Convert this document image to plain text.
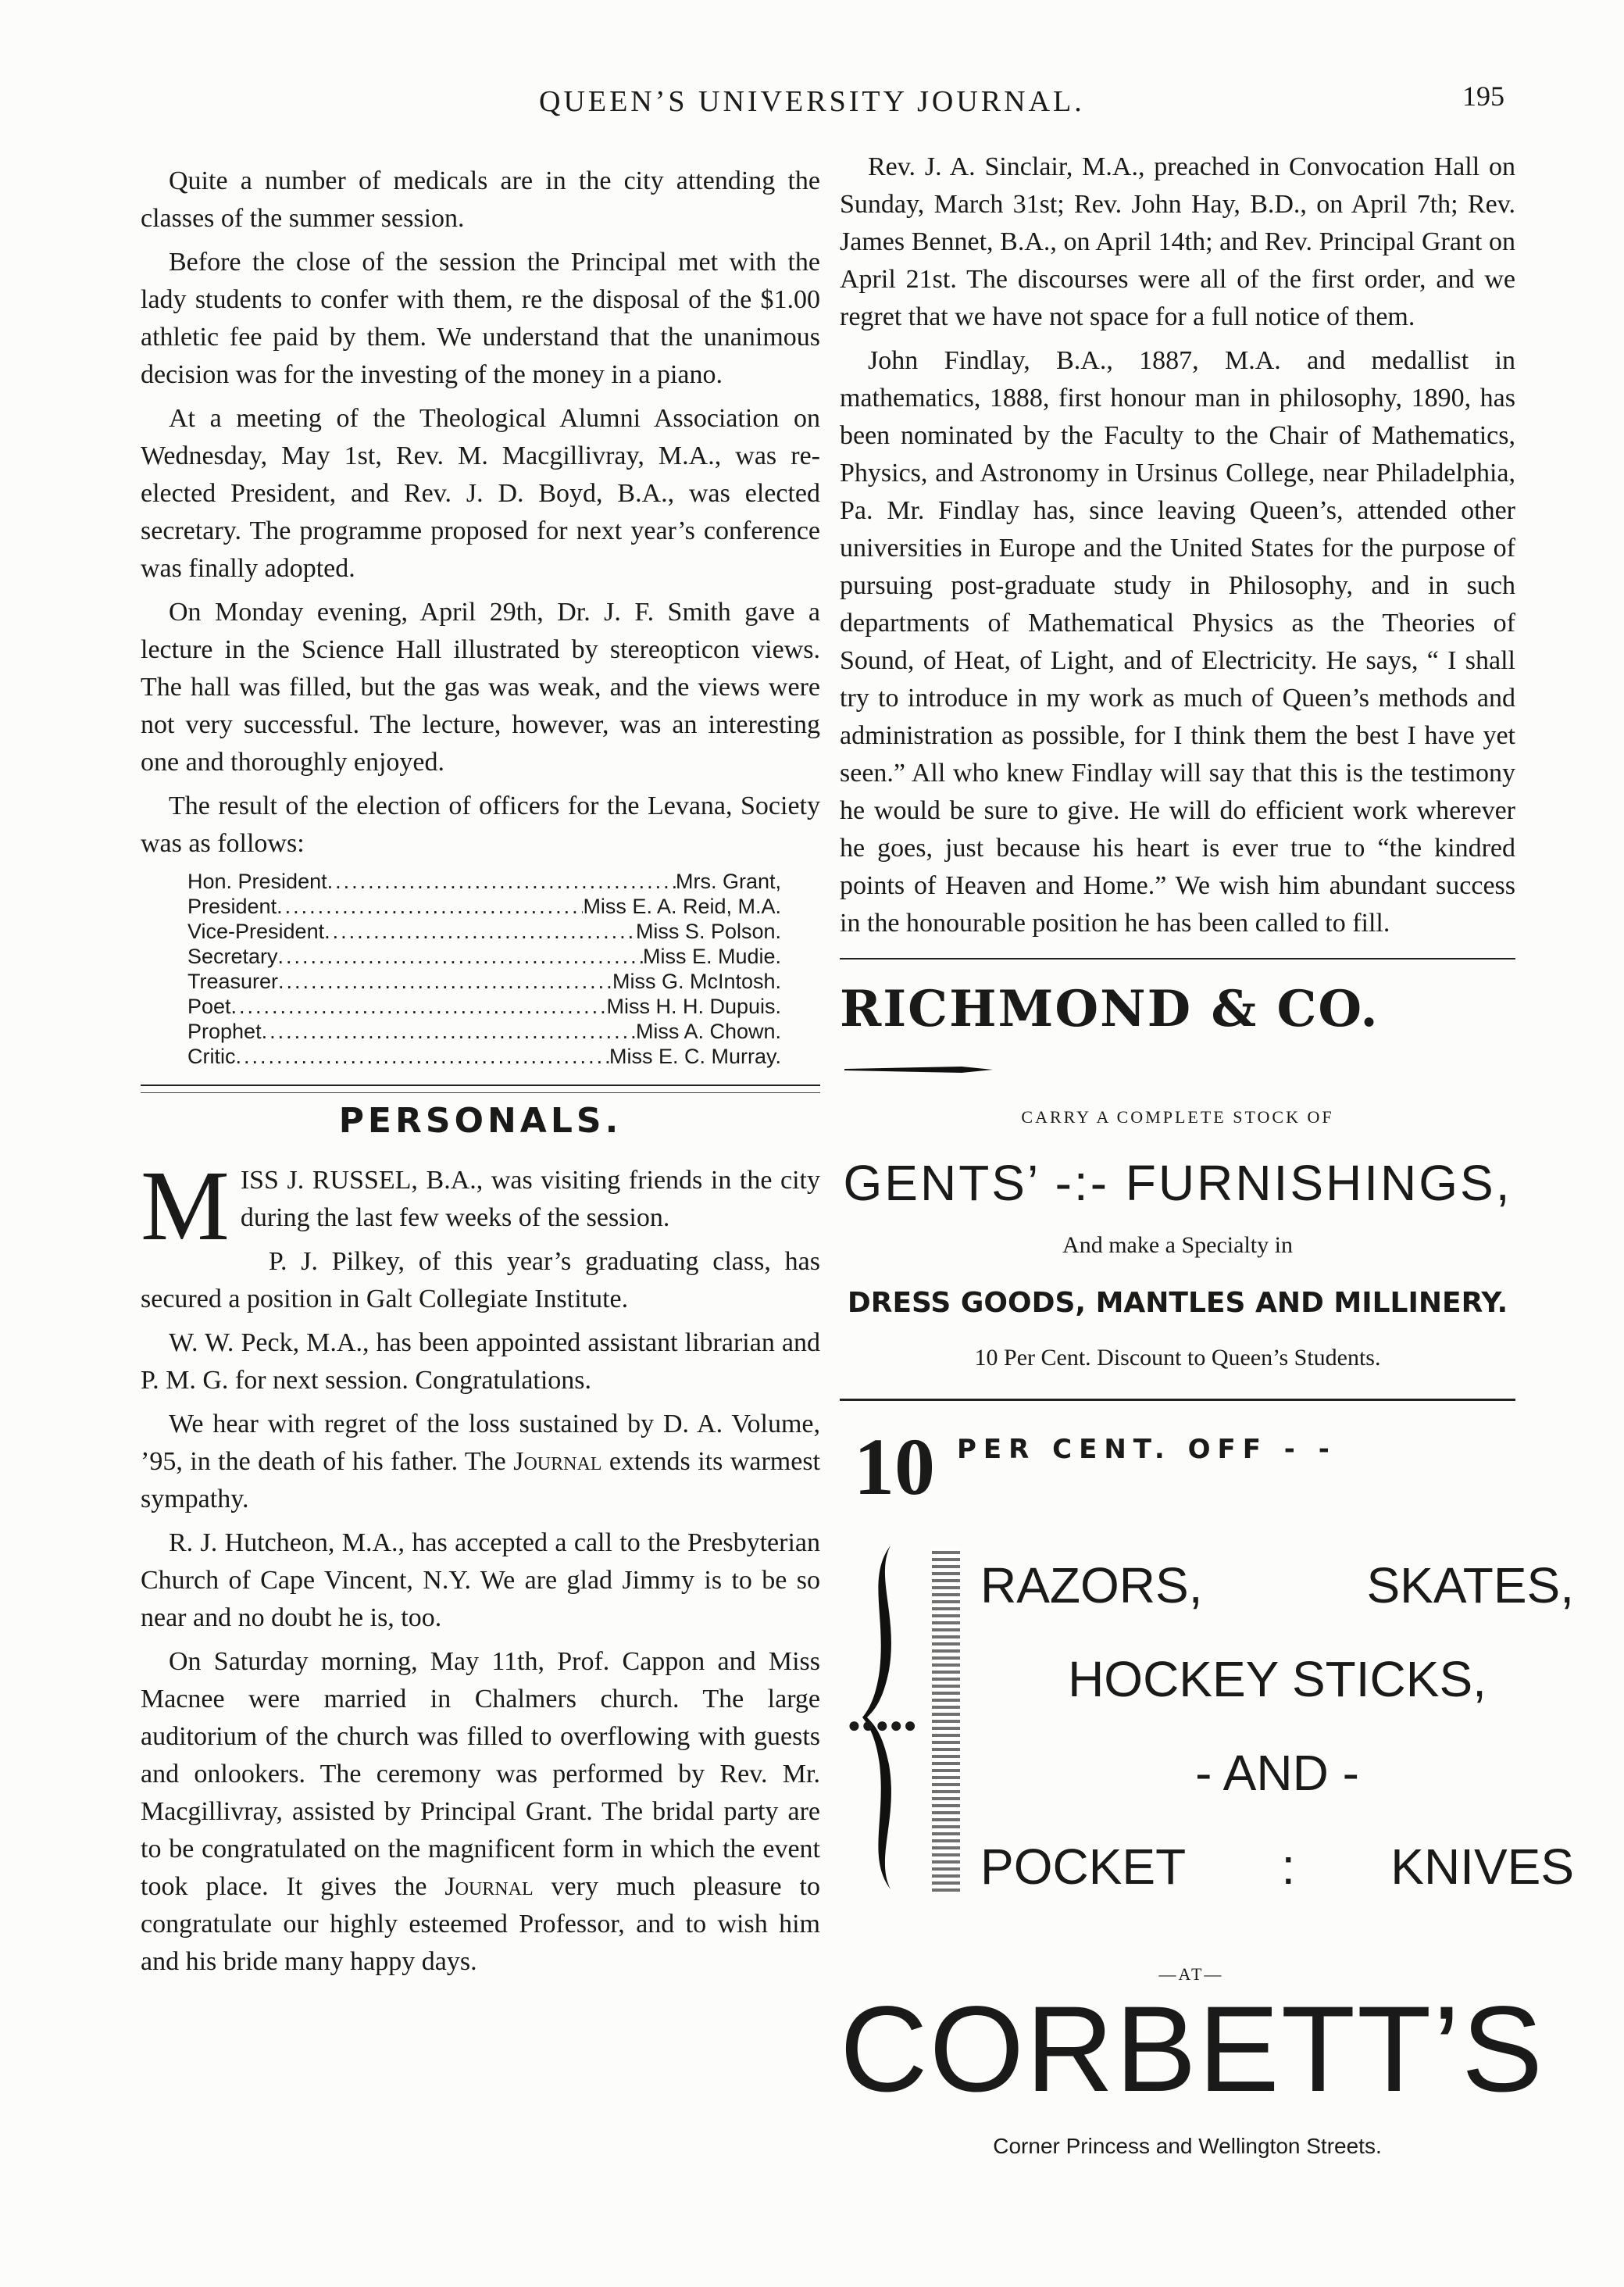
QUEEN’S UNIVERSITY JOURNAL.	195

Quite a number of medicals are in the city attending the classes of the summer session.

Before the close of the session the Principal met with the lady students to confer with them, re the disposal of the $1.00 athletic fee paid by them. We understand that the unanimous decision was for the investing of the money in a piano.

At a meeting of the Theological Alumni Association on Wednesday, May 1st, Rev. M. Macgillivray, M.A., was re-elected President, and Rev. J. D. Boyd, B.A., was elected secretary. The programme proposed for next year’s conference was finally adopted.

On Monday evening, April 29th, Dr. J. F. Smith gave a lecture in the Science Hall illustrated by stereopticon views. The hall was filled, but the gas was weak, and the views were not very successful. The lecture, however, was an interesting one and thoroughly enjoyed.

The result of the election of officers for the Levana, Society was as follows:

Hon. President .....	Mrs. Grant,
President .....	Miss E. A. Reid, M.A.
Vice-President .....	Miss S. Polson.
Secretary .....	Miss E. Mudie.
Treasurer .....	Miss G. McIntosh.
Poet .....	Miss H. H. Dupuis.
Prophet .....	Miss A. Chown.
Critic .....	Miss E. C. Murray.
PERSONALS.

MISS J. RUSSEL, B.A., was visiting friends in the city during the last few weeks of the session.

P. J. Pilkey, of this year’s graduating class, has secured a position in Galt Collegiate Institute.

W. W. Peck, M.A., has been appointed assistant librarian and P. M. G. for next session. Congratulations.

We hear with regret of the loss sustained by D. A. Volume, ’95, in the death of his father. The Journal extends its warmest sympathy.

R. J. Hutcheon, M.A., has accepted a call to the Presbyterian Church of Cape Vincent, N.Y. We are glad Jimmy is to be so near and no doubt he is, too.

On Saturday morning, May 11th, Prof. Cappon and Miss Macnee were married in Chalmers church. The large auditorium of the church was filled to overflowing with guests and onlookers. The ceremony was performed by Rev. Mr. Macgillivray, assisted by Principal Grant. The bridal party are to be congratulated on the magnificent form in which the event took place. It gives the Journal very much pleasure to congratulate our highly esteemed Professor, and to wish him and his bride many happy days.

Rev. J. A. Sinclair, M.A., preached in Convocation Hall on Sunday, March 31st; Rev. John Hay, B.D., on April 7th; Rev. James Bennet, B.A., on April 14th; and Rev. Principal Grant on April 21st. The discourses were all of the first order, and we regret that we have not space for a full notice of them.

John Findlay, B.A., 1887, M.A. and medallist in mathematics, 1888, first honour man in philosophy, 1890, has been nominated by the Faculty to the Chair of Mathematics, Physics, and Astronomy in Ursinus College, near Philadelphia, Pa. Mr. Findlay has, since leaving Queen’s, attended other universities in Europe and the United States for the purpose of pursuing post-graduate study in Philosophy, and in such departments of Mathematical Physics as the Theories of Sound, of Heat, of Light, and of Electricity. He says, “ I shall try to introduce in my work as much of Queen’s methods and administration as possible, for I think them the best I have yet seen.” All who knew Findlay will say that this is the testimony he would be sure to give. He will do efficient work wherever he goes, just because his heart is ever true to “the kindred points of Heaven and Home.” We wish him abundant success in the honourable position he has been called to fill.

RICHMOND & CO.
CARRY A COMPLETE STOCK OF
GENTS’ -:- FURNISHINGS,
And make a Specialty in
DRESS GOODS, MANTLES AND MILLINERY.
10 Per Cent. Discount to Queen’s Students.
10 PER CENT. OFF - -
●●●●●
RAZORS,	SKATES,
HOCKEY STICKS,
- AND -
POCKET : KNIVES
—AT—
CORBETT’S
Corner Princess and Wellington Streets.
